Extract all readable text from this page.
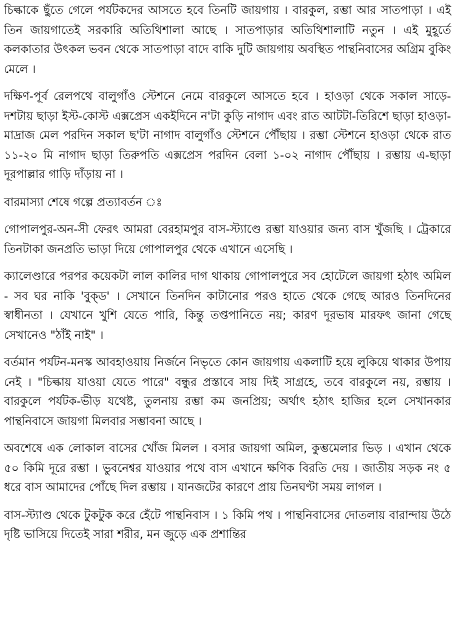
চিল্কাকে ছুঁতে গেলে পর্যটকদের আসতে হবে তিনটি জায়গায় । বারকুল, রম্ভা আর সাতপাড়া । এই তিন জায়গাতেই সরকারি অতিথিশালা আছে । সাতপাড়ার অতিথিশালাটি নতুন । এই মুহূর্তে কলকাতার উৎকল ভবন থেকে সাতপাড়া বাদে বাকি দুটি জায়গায় অবস্থিত পান্থনিবাসের অগ্রিম বুকিং মেলে ।

দক্ষিণ-পূর্ব রেলপথে বালুগাঁও স্টেশনে নেমে বারকুলে আসতে হবে । হাওড়া থেকে সকাল সাড়ে-দশটায় ছাড়া ইস্ট-কোস্ট এক্সপ্রেস একইদিনে ন'টা কুড়ি নাগাদ এবং রাত আটটা-তিরিশে ছাড়া হাওড়া-মাদ্রাজ মেল পরদিন সকাল ছ'টা নাগাদ বালুগাঁও স্টেশনে পৌঁছায় । রম্ভা স্টেশনে হাওড়া থেকে রাত ১১-২০ মি নাগাদ ছাড়া তিরুপতি এক্সপ্রেস পরদিন বেলা ১-০২ নাগাদ পৌঁছায় । রম্ভায় এ-ছাড়া দূরপাল্লার গাড়ি দাঁড়ায় না ।

বারমাস্যা শেষে গল্পে প্রত্যাবর্তন ঃ

গোপালপুর-অন-সী ফেরৎ আমরা বেরহামপুর বাস-স্ট্যাণ্ডে রম্ভা যাওয়ার জন্য বাস খুঁজছি । ট্রেকারে তিনটাকা জনপ্রতি ভাড়া দিয়ে গোপালপুর থেকে এখানে এসেছি ।

ক্যালেণ্ডারে পরপর কয়েকটা লাল কালির দাগ থাকায় গোপালপুরে সব হোটেলে জায়গা হঠাৎ অমিল - সব ঘর নাকি 'বুক্‌ড' । সেখানে তিনদিন কাটানোর পরও হাতে থেকে গেছে আরও তিনদিনের স্বাধীনতা । যেখানে খুশি যেতে পারি, কিন্তু তপ্তপানিতে নয়; কারণ দূরভাষ মারফৎ জানা গেছে সেখানেও "ঠাঁই নাই" ।

বর্তমান পর্যটন-মনস্ক আবহাওয়ায় নির্জনে নিভৃতে কোন জায়গায় একলাটি হয়ে লুকিয়ে থাকার উপায় নেই । "চিল্কায় যাওয়া যেতে পারে" বন্ধুর প্রস্তাবে সায় দিই সাগ্রহে, তবে বারকুলে নয়, রম্ভায় । বারকুলে পর্যটক-ভীড় যথেষ্ট, তুলনায় রম্ভা কম জনপ্রিয়; অর্থাৎ হঠাৎ হাজির হলে সেখানকার পান্থনিবাসে জায়গা মিলবার সম্ভাবনা আছে ।

অবশেষে এক লোকাল বাসের খোঁজ মিলল । বসার জায়গা অমিল, কুম্ভমেলার ভিড় । এখান থেকে ৫০ কিমি দূরে রম্ভা । ভুবনেশ্বর যাওয়ার পথে বাস এখানে ক্ষণিক বিরতি দেয় । জাতীয় সড়ক নং ৫ ধরে বাস আমাদের পোঁছে দিল রম্ভায় । যানজটের কারণে প্রায় তিনঘণ্টা সময় লাগল ।

বাস-স্ট্যাণ্ড থেকে টুকটুক করে হেঁটে পান্থনিবাস । ১ কিমি পথ । পান্থনিবাসের দোতলায় বারান্দায় উঠে দৃষ্টি ভাসিয়ে দিতেই সারা শরীর, মন জুড়ে এক প্রশান্তির
